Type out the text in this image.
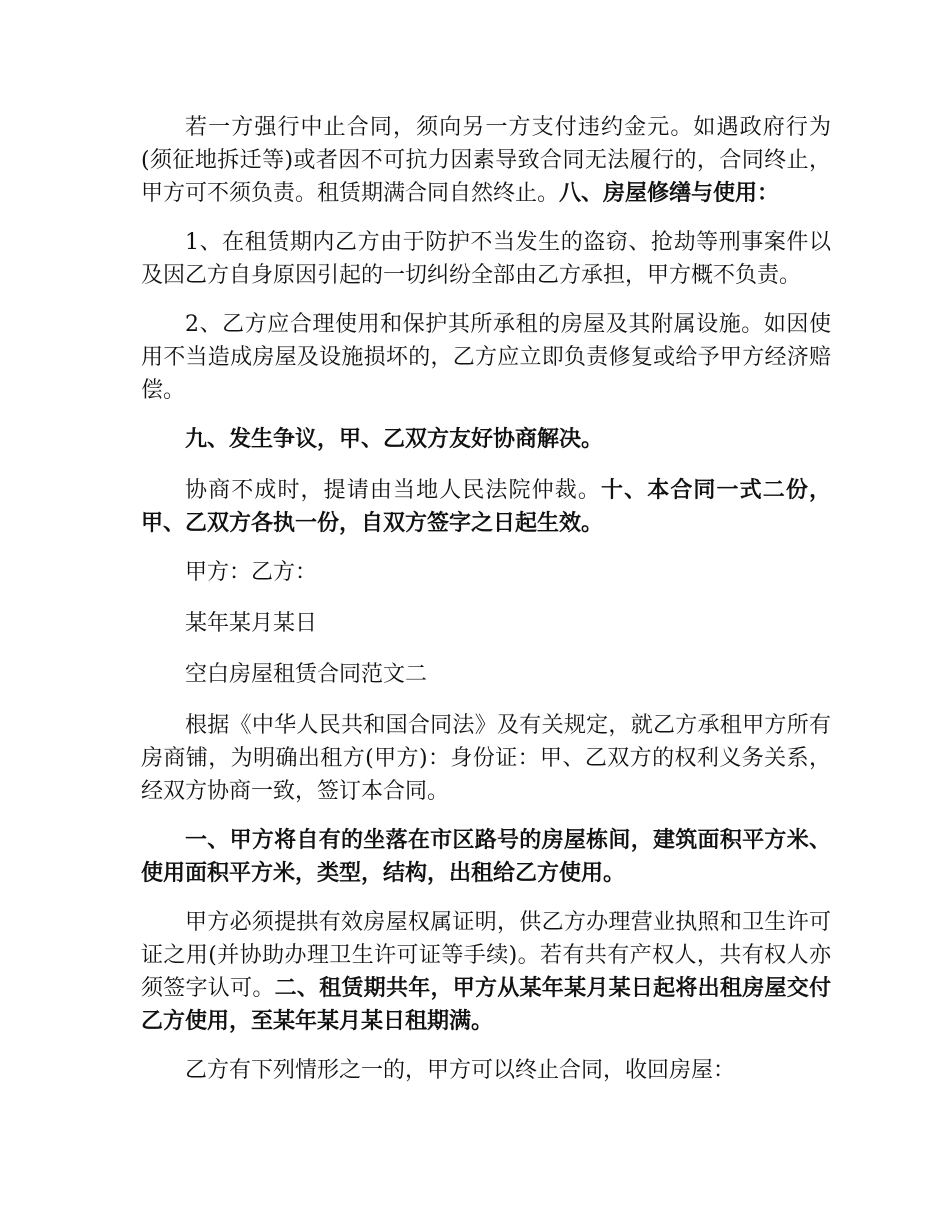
若一方强行中止合同，须向另一方支付违约金元。如遇政府行为(须征地拆迁等)或者因不可抗力因素导致合同无法履行的，合同终止，甲方可不须负责。租赁期满合同自然终止。八、房屋修缮与使用：

1、在租赁期内乙方由于防护不当发生的盗窃、抢劫等刑事案件以及因乙方自身原因引起的一切纠纷全部由乙方承担，甲方概不负责。

2、乙方应合理使用和保护其所承租的房屋及其附属设施。如因使用不当造成房屋及设施损坏的，乙方应立即负责修复或给予甲方经济赔偿。

九、发生争议，甲、乙双方友好协商解决。

协商不成时，提请由当地人民法院仲裁。十、本合同一式二份，甲、乙双方各执一份，自双方签字之日起生效。

甲方：乙方：

某年某月某日

空白房屋租赁合同范文二

根据《中华人民共和国合同法》及有关规定，就乙方承租甲方所有房商铺，为明确出租方(甲方)：身份证：甲、乙双方的权利义务关系，经双方协商一致，签订本合同。

一、甲方将自有的坐落在市区路号的房屋栋间，建筑面积平方米、使用面积平方米，类型，结构，出租给乙方使用。

甲方必须提拱有效房屋权属证明，供乙方办理营业执照和卫生许可证之用(并协助办理卫生许可证等手续)。若有共有产权人，共有权人亦须签字认可。二、租赁期共年，甲方从某年某月某日起将出租房屋交付乙方使用，至某年某月某日租期满。

乙方有下列情形之一的，甲方可以终止合同，收回房屋：
